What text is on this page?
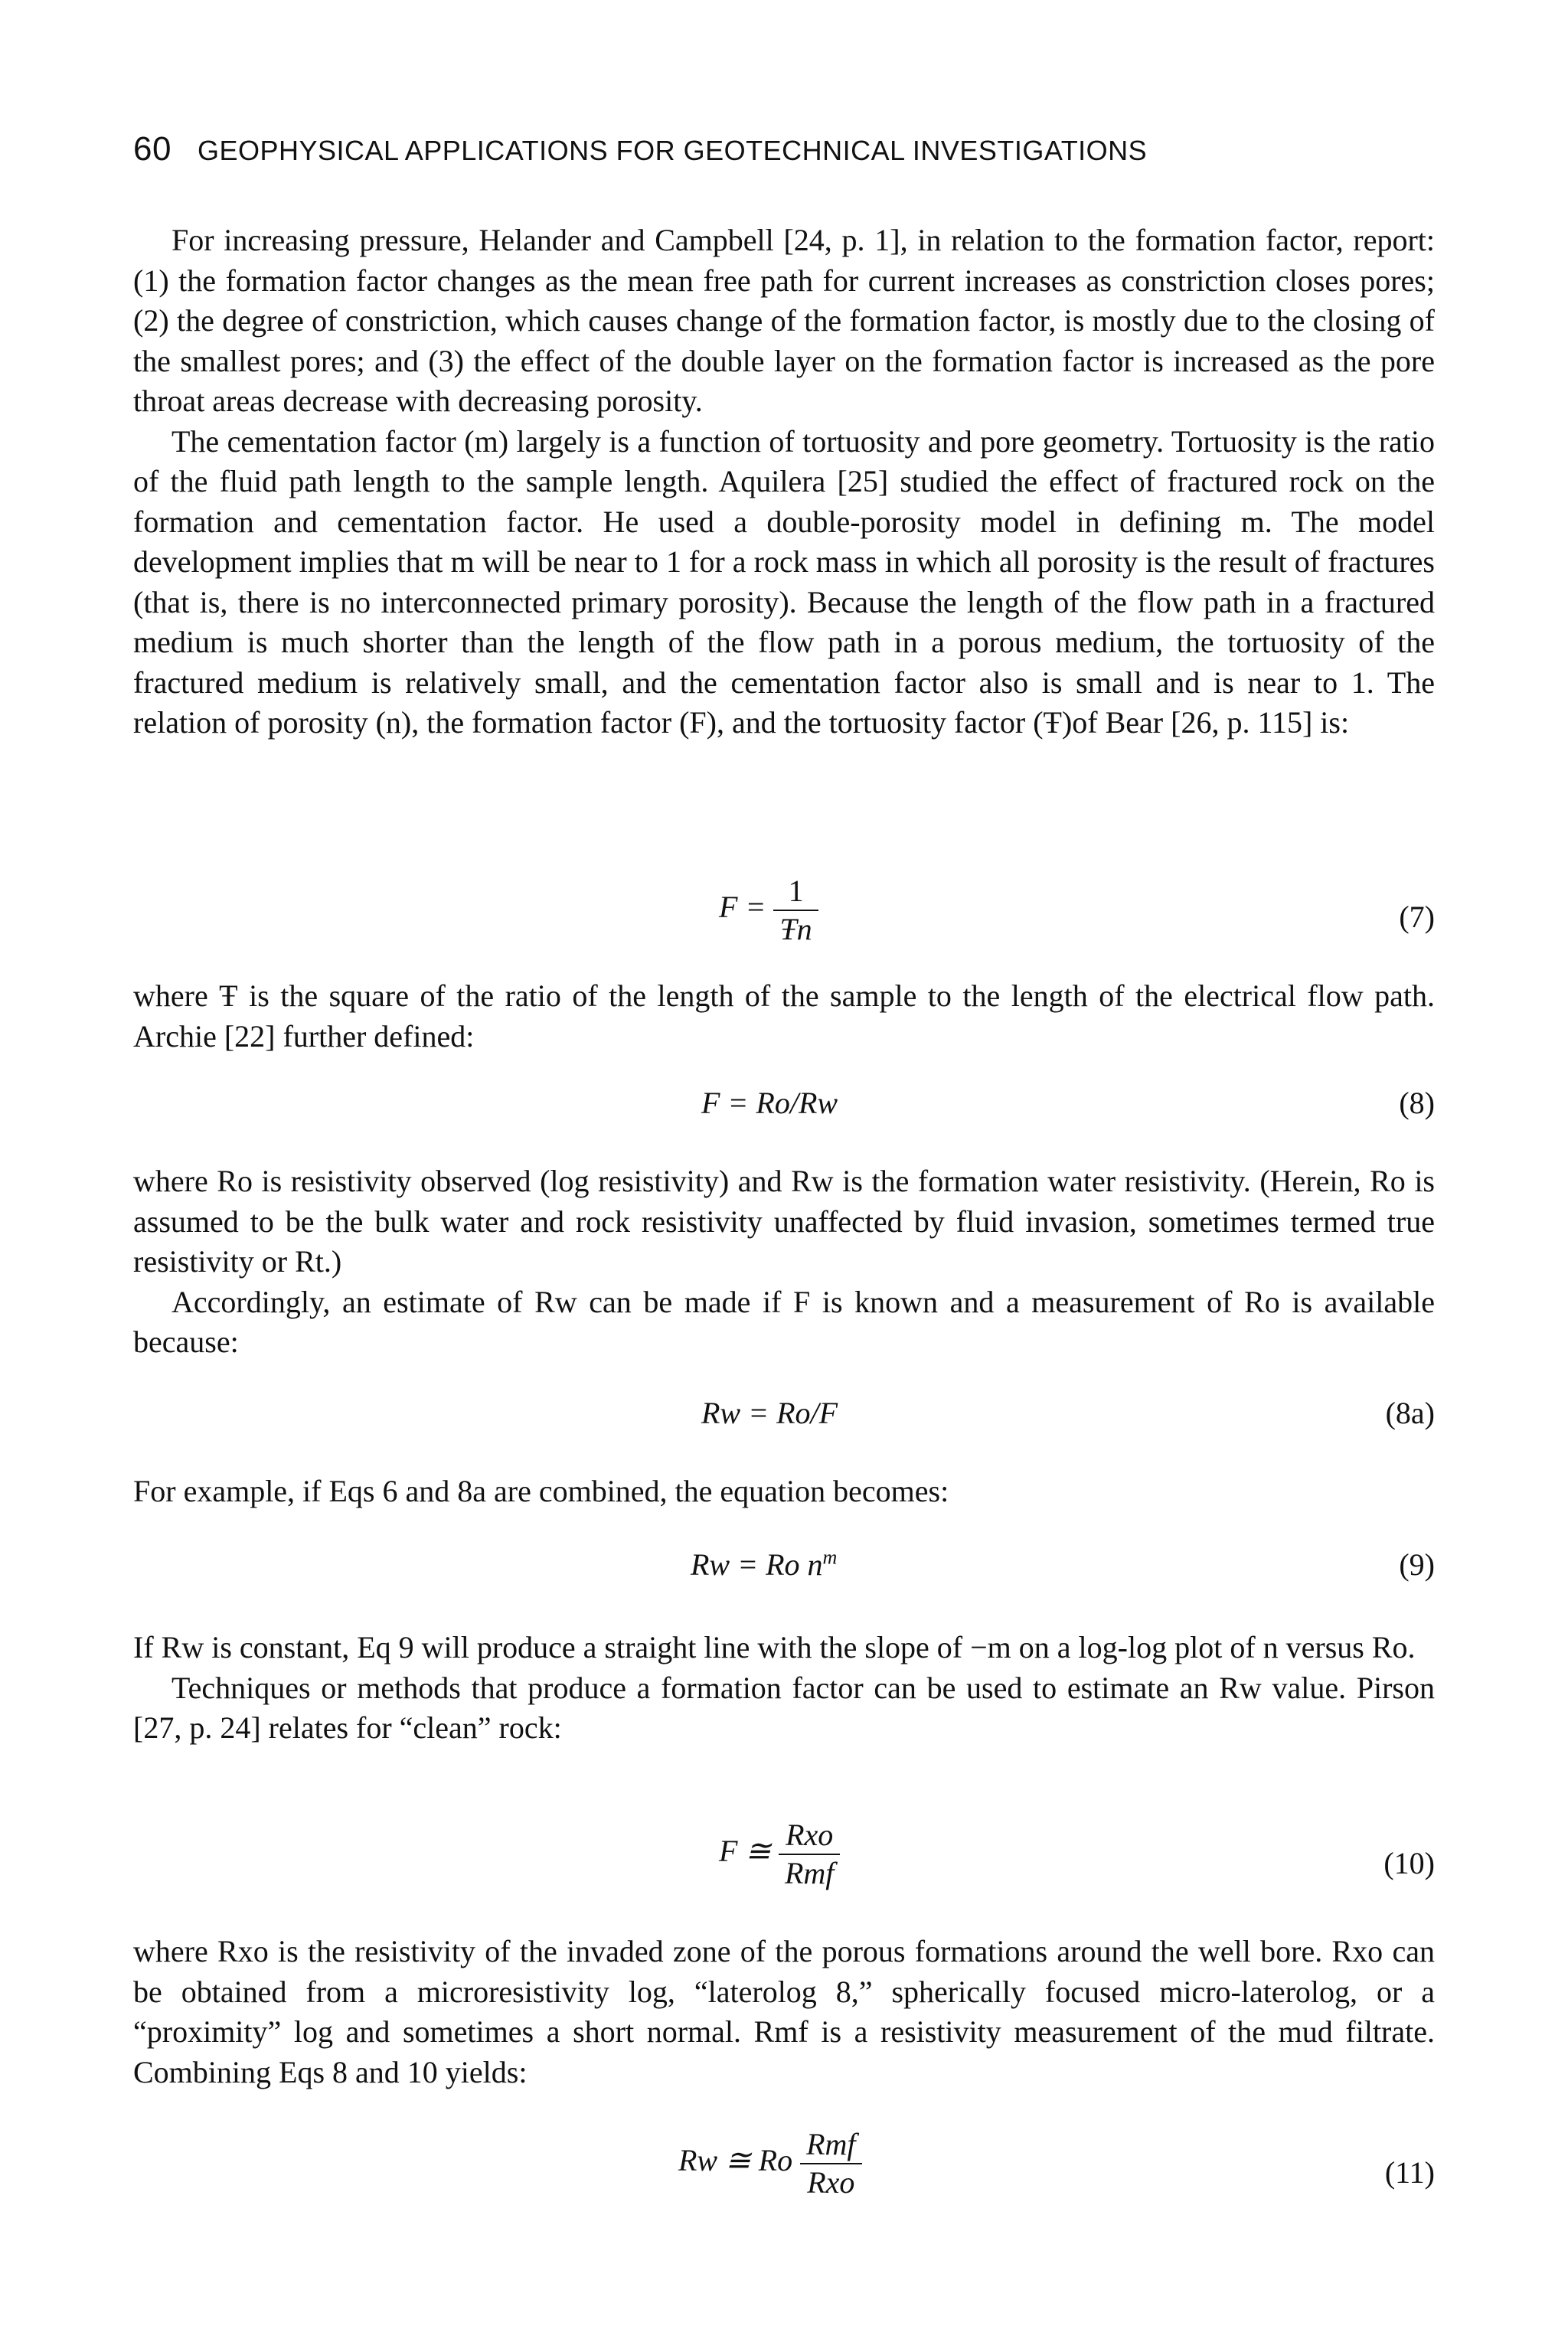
60 GEOPHYSICAL APPLICATIONS FOR GEOTECHNICAL INVESTIGATIONS

For increasing pressure, Helander and Campbell [24, p. 1], in relation to the formation factor, report: (1) the formation factor changes as the mean free path for current increases as constriction closes pores; (2) the degree of constriction, which causes change of the formation factor, is mostly due to the closing of the smallest pores; and (3) the effect of the double layer on the formation factor is increased as the pore throat areas decrease with decreasing porosity.

The cementation factor (m) largely is a function of tortuosity and pore geometry. Tortuosity is the ratio of the fluid path length to the sample length. Aquilera [25] studied the effect of fractured rock on the formation and cementation factor. He used a double-porosity model in defining m. The model development implies that m will be near to 1 for a rock mass in which all porosity is the result of fractures (that is, there is no interconnected primary porosity). Because the length of the flow path in a fractured medium is much shorter than the length of the flow path in a porous medium, the tortuosity of the fractured medium is relatively small, and the cementation factor also is small and is near to 1. The relation of porosity (n), the formation factor (F), and the tortuosity factor (Ŧ)of Bear [26, p. 115] is:

$F = \frac{1}{Ŧn}$	(7)

where Ŧ is the square of the ratio of the length of the sample to the length of the electrical flow path. Archie [22] further defined:

F = Ro/Rw	(8)

where Ro is resistivity observed (log resistivity) and Rw is the formation water resistivity. (Herein, Ro is assumed to be the bulk water and rock resistivity unaffected by fluid invasion, sometimes termed true resistivity or Rt.)

Accordingly, an estimate of Rw can be made if F is known and a measurement of Ro is available because:

Rw = Ro/F	(8a)

For example, if Eqs 6 and 8a are combined, the equation becomes:

Rw = Ro $n^m$	(9)

If Rw is constant, Eq 9 will produce a straight line with the slope of −m on a log-log plot of n versus Ro.

Techniques or methods that produce a formation factor can be used to estimate an Rw value. Pirson [27, p. 24] relates for “clean” rock:

F ≅ $\frac{\text{Rxo}}{\text{Rmf}}$	(10)

where Rxo is the resistivity of the invaded zone of the porous formations around the well bore. Rxo can be obtained from a microresistivity log, “laterolog 8,” spherically focused micro-laterolog, or a “proximity” log and sometimes a short normal. Rmf is a resistivity measurement of the mud filtrate. Combining Eqs 8 and 10 yields:

Rw ≅ Ro $\frac{\text{Rmf}}{\text{Rxo}}$	(11)
